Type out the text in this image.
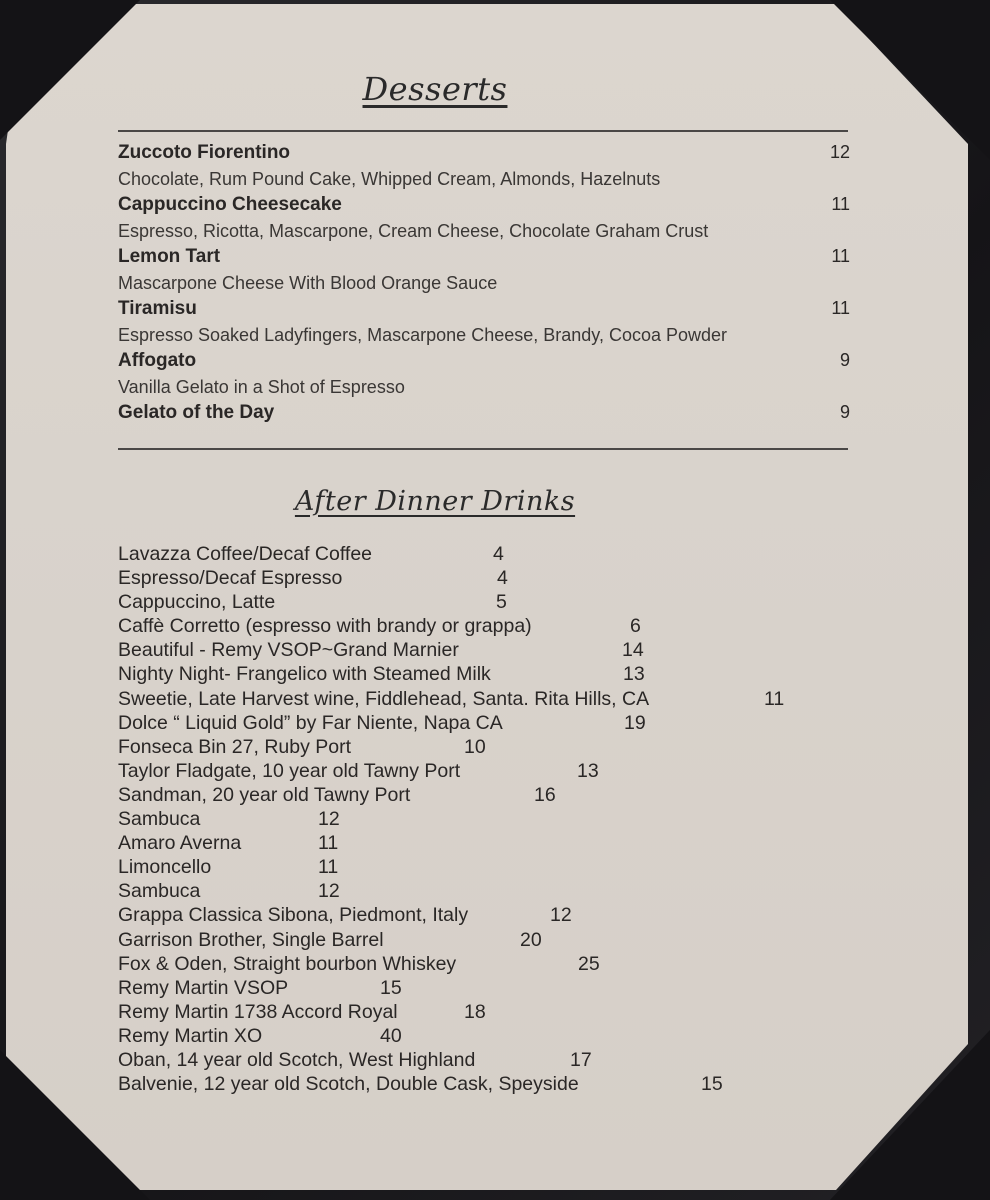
Desserts
Zuccoto Fiorentino	12
Chocolate, Rum Pound Cake, Whipped Cream, Almonds, Hazelnuts
Cappuccino Cheesecake	11
Espresso, Ricotta, Mascarpone, Cream Cheese, Chocolate Graham Crust
Lemon Tart	11
Mascarpone Cheese With Blood Orange Sauce
Tiramisu	11
Espresso Soaked Ladyfingers, Mascarpone Cheese, Brandy, Cocoa Powder
Affogato	9
Vanilla Gelato in a Shot of Espresso
Gelato of the Day	9
After Dinner Drinks
Lavazza Coffee/Decaf Coffee	4
Espresso/Decaf Espresso	4
Cappuccino, Latte	5
Caffè Corretto (espresso with brandy or grappa)	6
Beautiful - Remy VSOP~Grand Marnier	14
Nighty Night- Frangelico with Steamed Milk	13
Sweetie, Late Harvest wine, Fiddlehead, Santa. Rita Hills, CA	11
Dolce “ Liquid Gold” by Far Niente, Napa CA	19
Fonseca Bin 27, Ruby Port	10
Taylor Fladgate, 10 year old Tawny Port	13
Sandman, 20 year old Tawny Port	16
Sambuca	12
Amaro Averna	11
Limoncello	11
Sambuca	12
Grappa Classica Sibona, Piedmont, Italy	12
Garrison Brother, Single Barrel	20
Fox & Oden, Straight bourbon Whiskey	25
Remy Martin VSOP	15
Remy Martin 1738 Accord Royal	18
Remy Martin XO	40
Oban, 14 year old Scotch, West Highland	17
Balvenie, 12 year old Scotch, Double Cask, Speyside	15
